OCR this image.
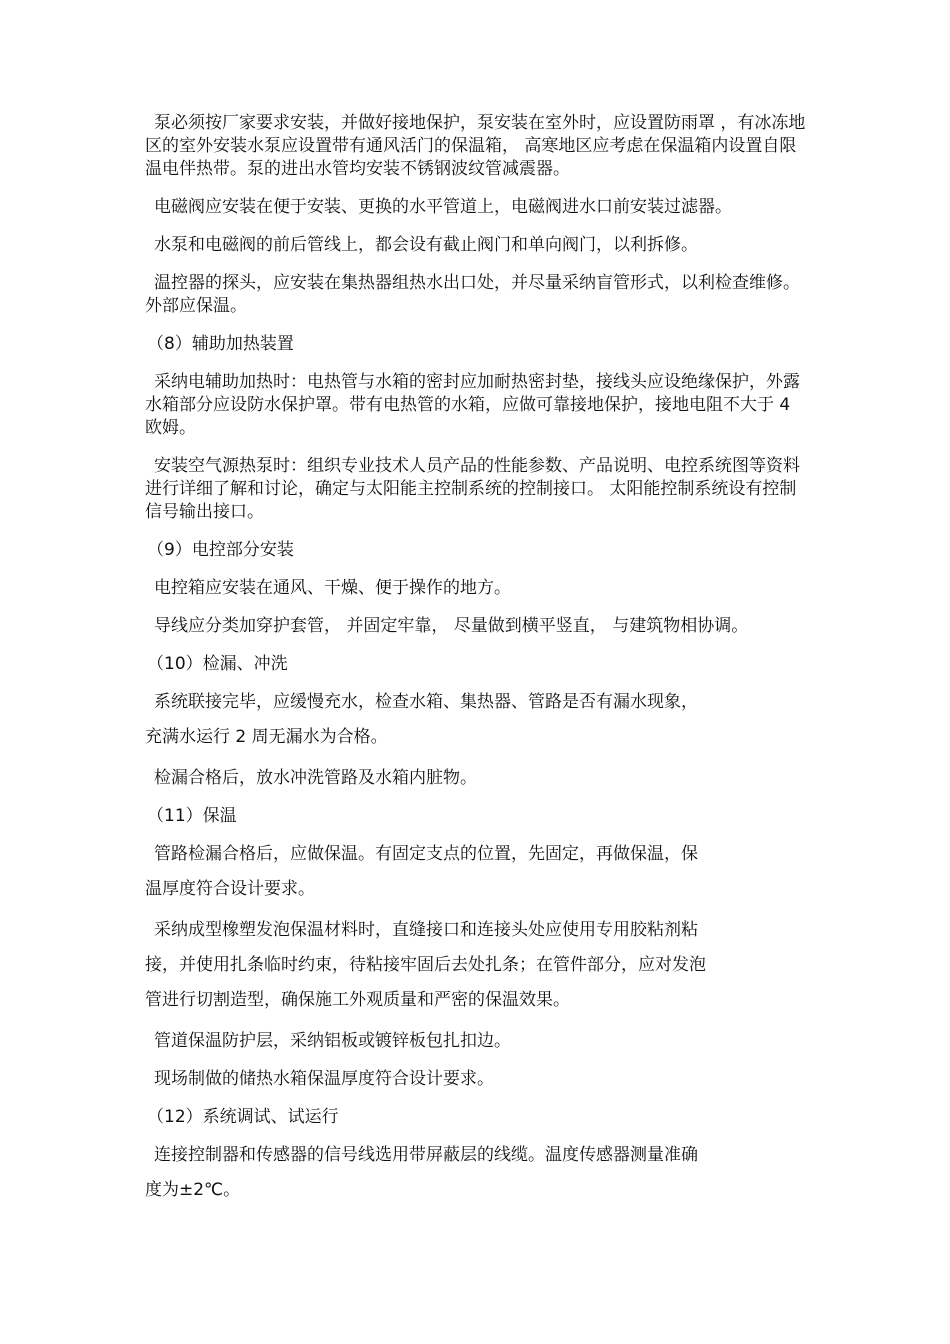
泵必须按厂家要求安装，并做好接地保护，泵安装在室外时，应设置防雨罩 ，有冰冻地区的室外安装水泵应设置带有通风活门的保温箱， 高寒地区应考虑在保温箱内设置自限温电伴热带。泵的进出水管均安装不锈钢波纹管减震器。

电磁阀应安装在便于安装、更换的水平管道上，电磁阀进水口前安装过滤器。

水泵和电磁阀的前后管线上，都会设有截止阀门和单向阀门，以利拆修。

温控器的探头，应安装在集热器组热水出口处，并尽量采纳盲管形式，以利检查维修。外部应保温。

（8）辅助加热装置

采纳电辅助加热时：电热管与水箱的密封应加耐热密封垫，接线头应设绝缘保护，外露水箱部分应设防水保护罩。带有电热管的水箱，应做可靠接地保护，接地电阻不大于 4 欧姆。

安装空气源热泵时：组织专业技术人员产品的性能参数、产品说明、电控系统图等资料进行详细了解和讨论，确定与太阳能主控制系统的控制接口。 太阳能控制系统设有控制信号输出接口。

（9）电控部分安装

电控箱应安装在通风、干燥、便于操作的地方。

导线应分类加穿护套管， 并固定牢靠， 尽量做到横平竖直， 与建筑物相协调。

（10）检漏、冲洗

系统联接完毕，应缓慢充水，检查水箱、集热器、管路是否有漏水现象，

充满水运行 2 周无漏水为合格。

检漏合格后，放水冲洗管路及水箱内脏物。

（11）保温

管路检漏合格后，应做保温。有固定支点的位置，先固定，再做保温，保

温厚度符合设计要求。

采纳成型橡塑发泡保温材料时，直缝接口和连接头处应使用专用胶粘剂粘

接，并使用扎条临时约束，待粘接牢固后去处扎条；在管件部分，应对发泡

管进行切割造型，确保施工外观质量和严密的保温效果。

管道保温防护层，采纳铝板或镀锌板包扎扣边。

现场制做的储热水箱保温厚度符合设计要求。

（12）系统调试、试运行

连接控制器和传感器的信号线选用带屏蔽层的线缆。温度传感器测量准确

度为±2℃。
